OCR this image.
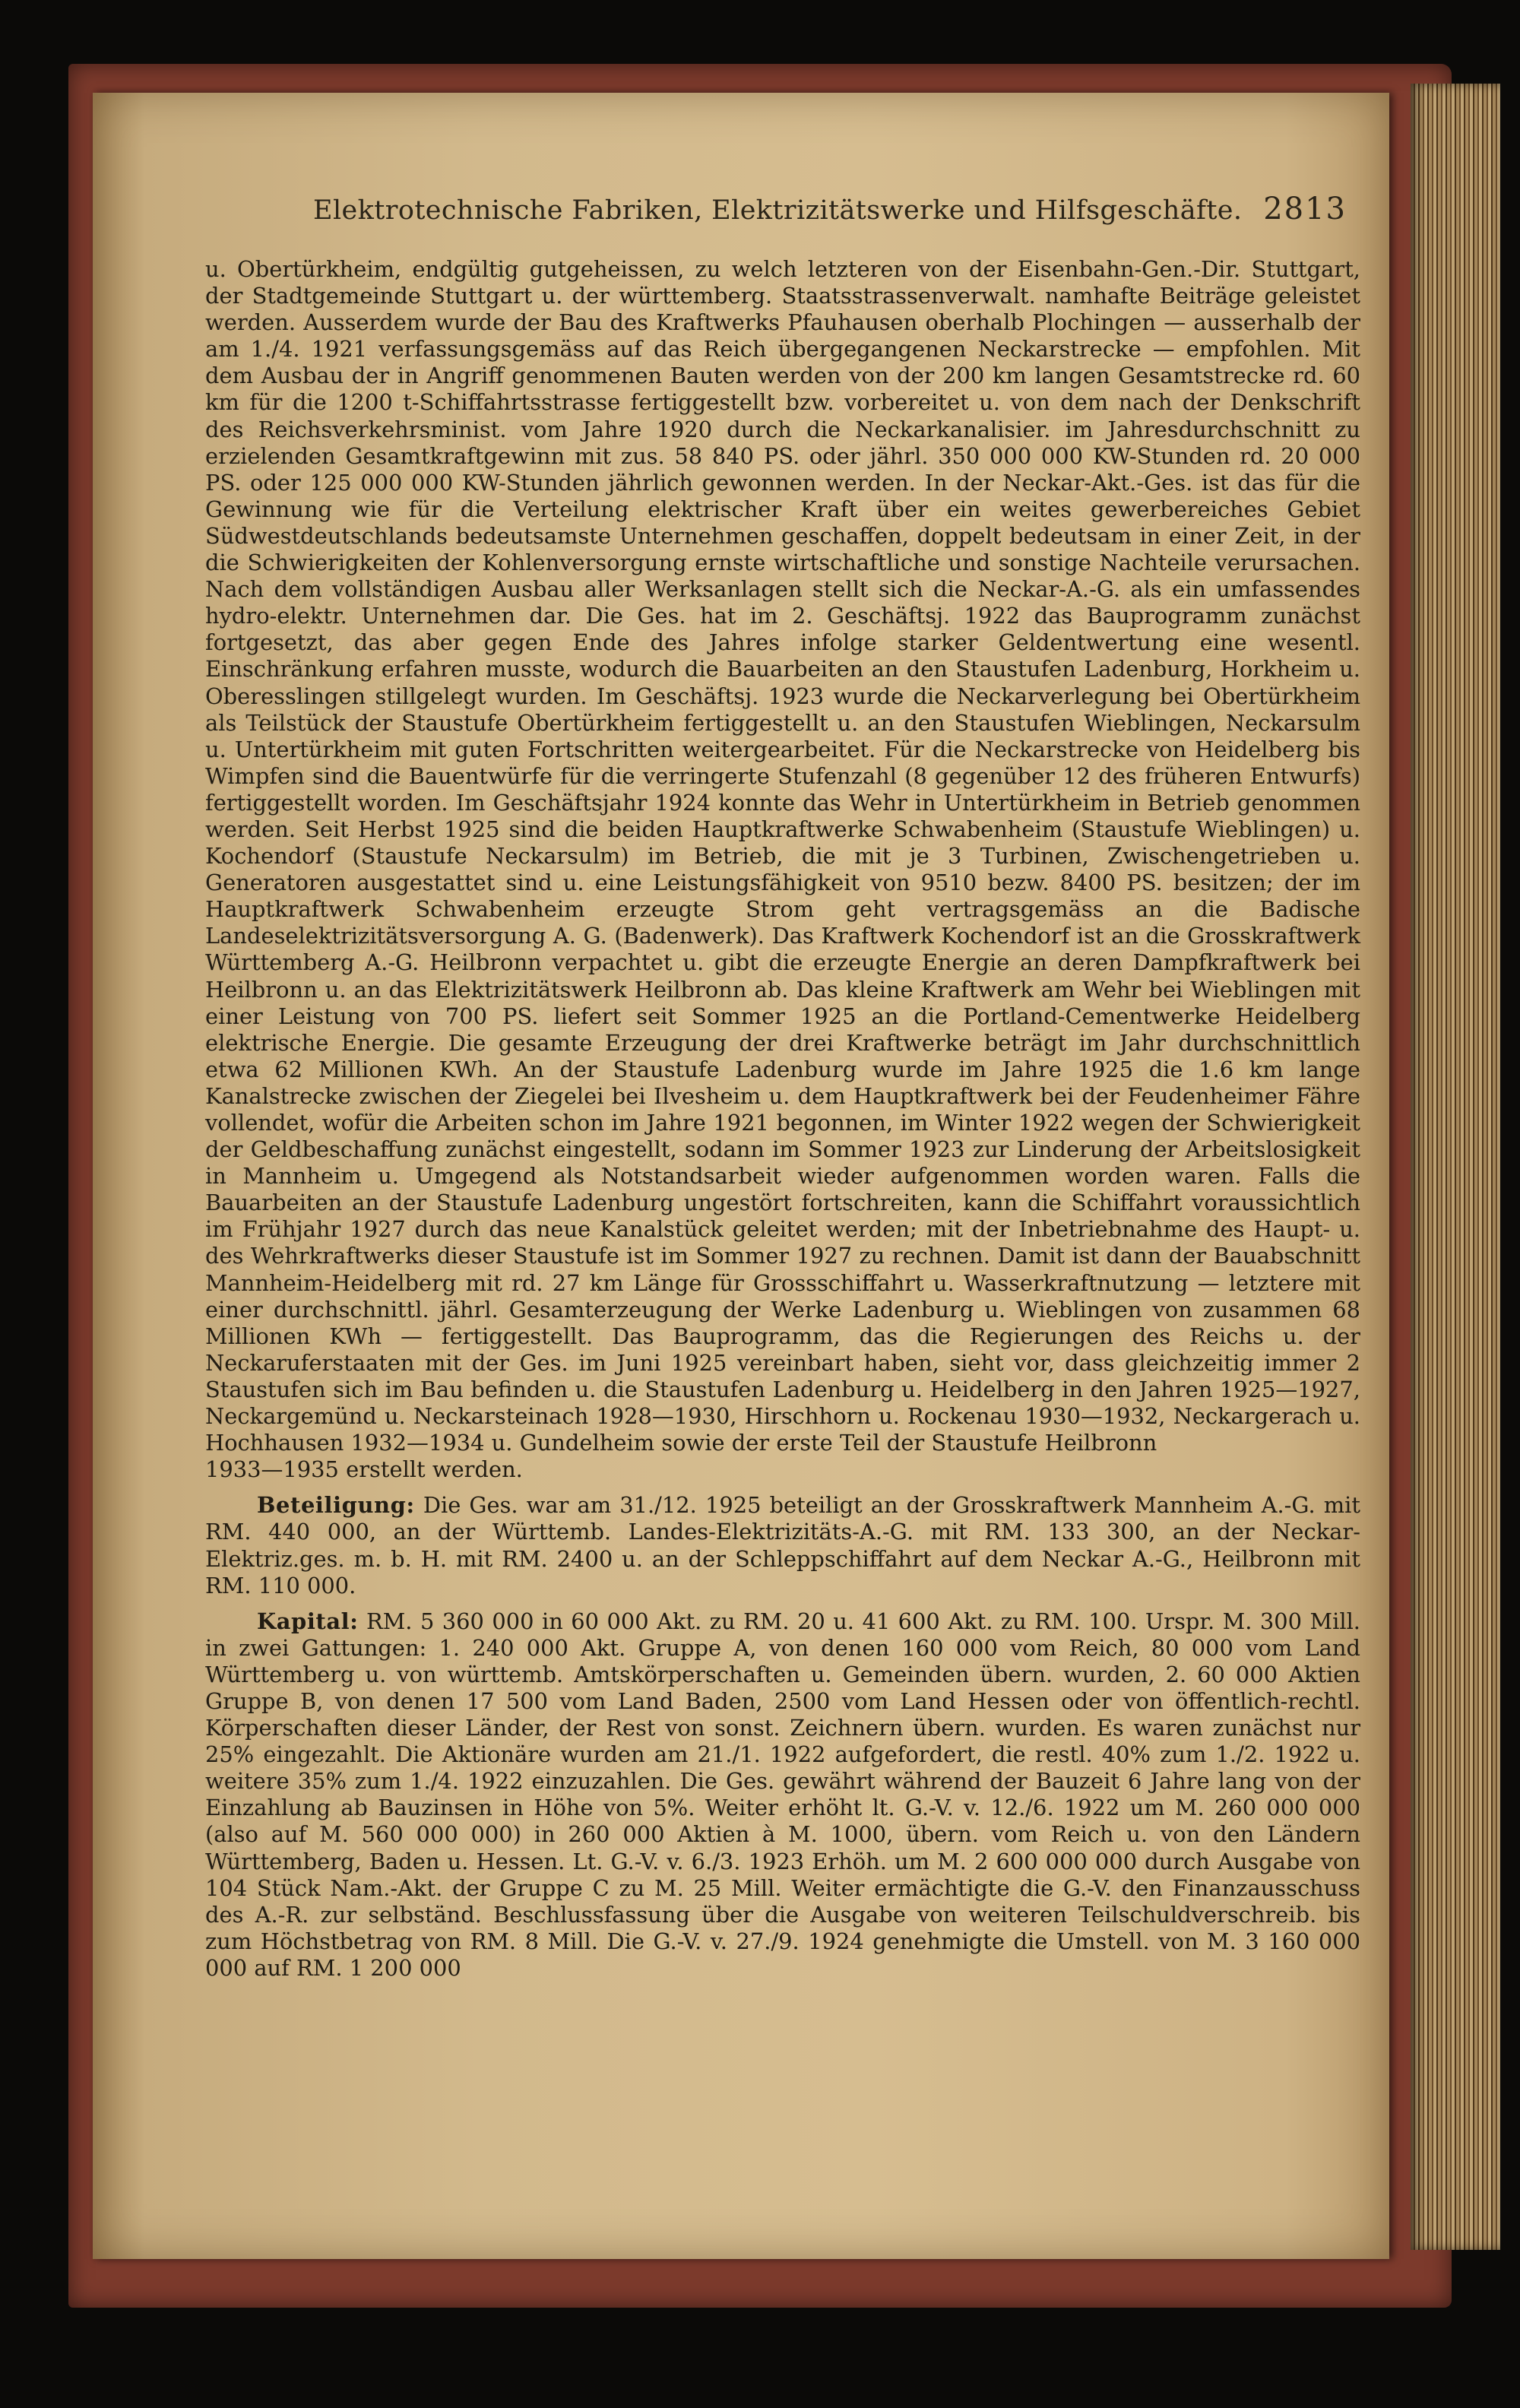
Elektrotechnische Fabriken, Elektrizitätswerke und Hilfsgeschäfte. 2813

u. Obertürkheim, endgültig gutgeheissen, zu welch letzteren von der Eisenbahn-Gen.-Dir. Stuttgart, der Stadtgemeinde Stuttgart u. der württemberg. Staatsstrassenverwalt. namhafte Beiträge geleistet werden. Ausserdem wurde der Bau des Kraftwerks Pfauhausen oberhalb Plochingen — ausserhalb der am 1./4. 1921 verfassungsgemäss auf das Reich übergegangenen Neckarstrecke — empfohlen. Mit dem Ausbau der in Angriff genommenen Bauten werden von der 200 km langen Gesamtstrecke rd. 60 km für die 1200 t-Schiffahrtsstrasse fertiggestellt bzw. vorbereitet u. von dem nach der Denkschrift des Reichsverkehrsminist. vom Jahre 1920 durch die Neckarkanalisier. im Jahresdurchschnitt zu erzielenden Gesamtkraftgewinn mit zus. 58 840 PS. oder jährl. 350 000 000 KW-Stunden rd. 20 000 PS. oder 125 000 000 KW-Stunden jährlich gewonnen werden. In der Neckar-Akt.-Ges. ist das für die Gewinnung wie für die Verteilung elektrischer Kraft über ein weites gewerbereiches Gebiet Südwestdeutschlands bedeutsamste Unternehmen geschaffen, doppelt bedeutsam in einer Zeit, in der die Schwierigkeiten der Kohlenversorgung ernste wirtschaftliche und sonstige Nachteile verursachen. Nach dem vollständigen Ausbau aller Werksanlagen stellt sich die Neckar-A.-G. als ein umfassendes hydro-elektr. Unternehmen dar. Die Ges. hat im 2. Geschäftsj. 1922 das Bauprogramm zunächst fortgesetzt, das aber gegen Ende des Jahres infolge starker Geldentwertung eine wesentl. Einschränkung erfahren musste, wodurch die Bauarbeiten an den Staustufen Ladenburg, Horkheim u. Oberesslingen stillgelegt wurden. Im Geschäftsj. 1923 wurde die Neckarverlegung bei Obertürkheim als Teilstück der Staustufe Obertürkheim fertiggestellt u. an den Staustufen Wieblingen, Neckarsulm u. Untertürkheim mit guten Fortschritten weitergearbeitet. Für die Neckarstrecke von Heidelberg bis Wimpfen sind die Bauentwürfe für die verringerte Stufenzahl (8 gegenüber 12 des früheren Entwurfs) fertiggestellt worden. Im Geschäftsjahr 1924 konnte das Wehr in Untertürkheim in Betrieb genommen werden. Seit Herbst 1925 sind die beiden Hauptkraftwerke Schwabenheim (Staustufe Wieblingen) u. Kochendorf (Staustufe Neckarsulm) im Betrieb, die mit je 3 Turbinen, Zwischengetrieben u. Generatoren ausgestattet sind u. eine Leistungsfähigkeit von 9510 bezw. 8400 PS. besitzen; der im Hauptkraftwerk Schwabenheim erzeugte Strom geht vertragsgemäss an die Badische Landeselektrizitätsversorgung A. G. (Badenwerk). Das Kraftwerk Kochendorf ist an die Grosskraftwerk Württemberg A.-G. Heilbronn verpachtet u. gibt die erzeugte Energie an deren Dampfkraftwerk bei Heilbronn u. an das Elektrizitätswerk Heilbronn ab. Das kleine Kraftwerk am Wehr bei Wieblingen mit einer Leistung von 700 PS. liefert seit Sommer 1925 an die Portland-Cementwerke Heidelberg elektrische Energie. Die gesamte Erzeugung der drei Kraftwerke beträgt im Jahr durchschnittlich etwa 62 Millionen KWh. An der Staustufe Ladenburg wurde im Jahre 1925 die 1.6 km lange Kanalstrecke zwischen der Ziegelei bei Ilvesheim u. dem Hauptkraftwerk bei der Feudenheimer Fähre vollendet, wofür die Arbeiten schon im Jahre 1921 begonnen, im Winter 1922 wegen der Schwierigkeit der Geldbeschaffung zunächst eingestellt, sodann im Sommer 1923 zur Linderung der Arbeitslosigkeit in Mannheim u. Umgegend als Notstandsarbeit wieder aufgenommen worden waren. Falls die Bauarbeiten an der Staustufe Ladenburg ungestört fortschreiten, kann die Schiffahrt voraussichtlich im Frühjahr 1927 durch das neue Kanalstück geleitet werden; mit der Inbetriebnahme des Haupt- u. des Wehrkraftwerks dieser Staustufe ist im Sommer 1927 zu rechnen. Damit ist dann der Bauabschnitt Mannheim-Heidelberg mit rd. 27 km Länge für Grossschiffahrt u. Wasserkraftnutzung — letztere mit einer durchschnittl. jährl. Gesamterzeugung der Werke Ladenburg u. Wieblingen von zusammen 68 Millionen KWh — fertiggestellt. Das Bauprogramm, das die Regierungen des Reichs u. der Neckaruferstaaten mit der Ges. im Juni 1925 vereinbart haben, sieht vor, dass gleichzeitig immer 2 Staustufen sich im Bau befinden u. die Staustufen Ladenburg u. Heidelberg in den Jahren 1925—1927, Neckargemünd u. Neckarsteinach 1928—1930, Hirschhorn u. Rockenau 1930—1932, Neckargerach u. Hochhausen 1932—1934 u. Gundelheim sowie der erste Teil der Staustufe Heilbronn
1933—1935 erstellt werden.

Beteiligung: Die Ges. war am 31./12. 1925 beteiligt an der Grosskraftwerk Mannheim A.-G. mit RM. 440 000, an der Württemb. Landes-Elektrizitäts-A.-G. mit RM. 133 300, an der Neckar-Elektriz.ges. m. b. H. mit RM. 2400 u. an der Schleppschiffahrt auf dem Neckar A.-G., Heilbronn mit RM. 110 000.

Kapital: RM. 5 360 000 in 60 000 Akt. zu RM. 20 u. 41 600 Akt. zu RM. 100. Urspr. M. 300 Mill. in zwei Gattungen: 1. 240 000 Akt. Gruppe A, von denen 160 000 vom Reich, 80 000 vom Land Württemberg u. von württemb. Amtskörperschaften u. Gemeinden übern. wurden, 2. 60 000 Aktien Gruppe B, von denen 17 500 vom Land Baden, 2500 vom Land Hessen oder von öffentlich-rechtl. Körperschaften dieser Länder, der Rest von sonst. Zeichnern übern. wurden. Es waren zunächst nur 25% eingezahlt. Die Aktionäre wurden am 21./1. 1922 aufgefordert, die restl. 40% zum 1./2. 1922 u. weitere 35% zum 1./4. 1922 einzuzahlen. Die Ges. gewährt während der Bauzeit 6 Jahre lang von der Einzahlung ab Bauzinsen in Höhe von 5%. Weiter erhöht lt. G.-V. v. 12./6. 1922 um M. 260 000 000 (also auf M. 560 000 000) in 260 000 Aktien à M. 1000, übern. vom Reich u. von den Ländern Württemberg, Baden u. Hessen. Lt. G.-V. v. 6./3. 1923 Erhöh. um M. 2 600 000 000 durch Ausgabe von 104 Stück Nam.-Akt. der Gruppe C zu M. 25 Mill. Weiter ermächtigte die G.-V. den Finanzausschuss des A.-R. zur selbständ. Beschlussfassung über die Ausgabe von weiteren Teilschuldverschreib. bis zum Höchstbetrag von RM. 8 Mill. Die G.-V. v. 27./9. 1924 genehmigte die Umstell. von M. 3 160 000 000 auf RM. 1 200 000
